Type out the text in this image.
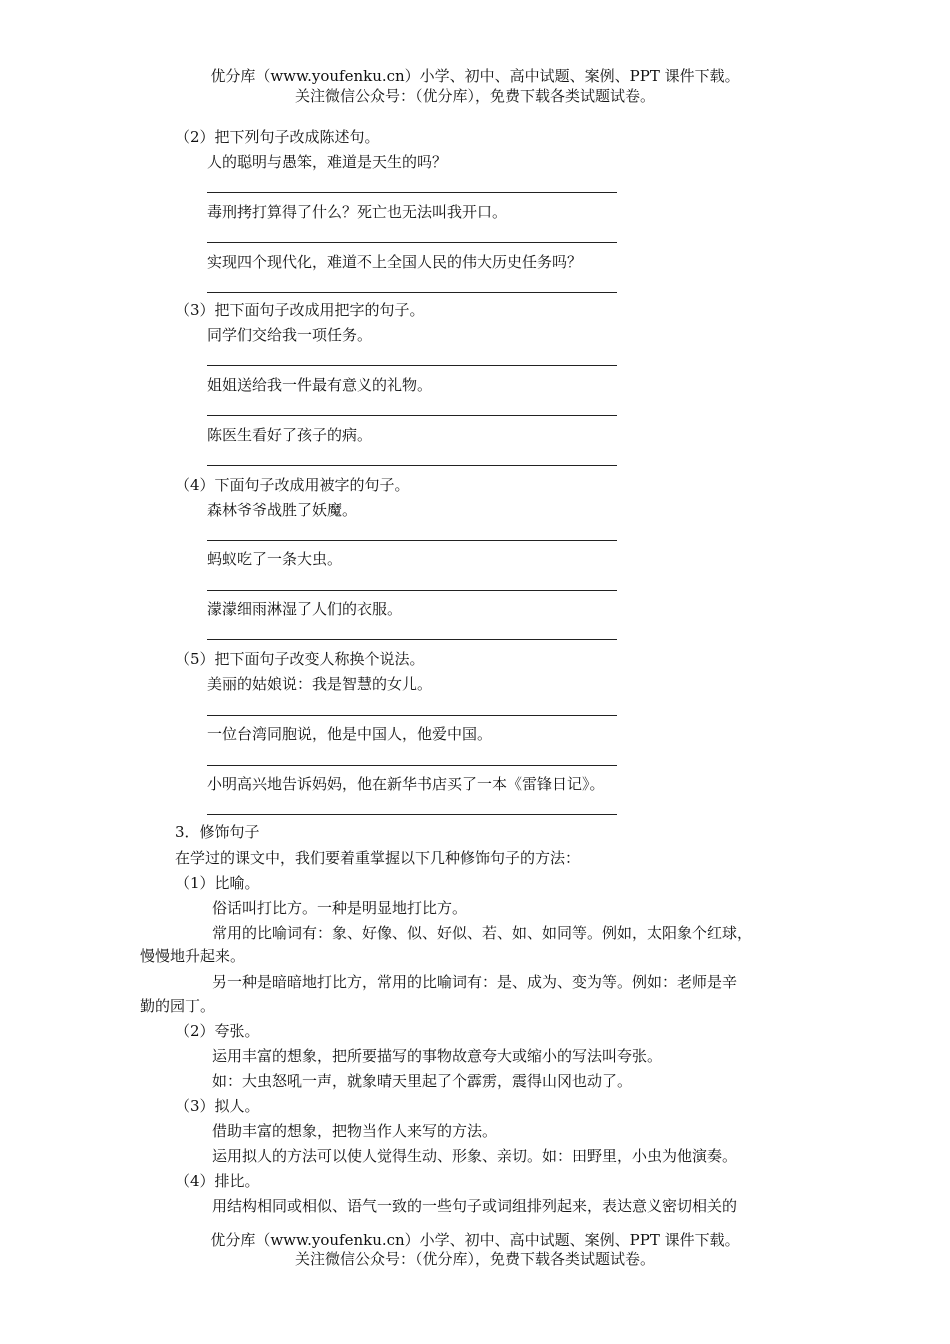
优分库（www.youfenku.cn）小学、初中、高中试题、案例、PPT 课件下载。
关注微信公众号：（优分库），免费下载各类试题试卷。
（2）把下列句子改成陈述句。
人的聪明与愚笨，难道是天生的吗？
毒刑拷打算得了什么？死亡也无法叫我开口。
实现四个现代化，难道不上全国人民的伟大历史任务吗？
（3）把下面句子改成用把字的句子。
同学们交给我一项任务。
姐姐送给我一件最有意义的礼物。
陈医生看好了孩子的病。
（4）下面句子改成用被字的句子。
森林爷爷战胜了妖魔。
蚂蚁吃了一条大虫。
濛濛细雨淋湿了人们的衣服。
（5）把下面句子改变人称换个说法。
美丽的姑娘说：我是智慧的女儿。
一位台湾同胞说，他是中国人，他爱中国。
小明高兴地告诉妈妈，他在新华书店买了一本《雷锋日记》。
3．修饰句子
在学过的课文中，我们要着重掌握以下几种修饰句子的方法：
（1）比喻。
俗话叫打比方。一种是明显地打比方。
常用的比喻词有：象、好像、似、好似、若、如、如同等。例如，太阳象个红球，
慢慢地升起来。
另一种是暗暗地打比方，常用的比喻词有：是、成为、变为等。例如：老师是辛
勤的园丁。
（2）夸张。
运用丰富的想象，把所要描写的事物故意夸大或缩小的写法叫夸张。
如：大虫怒吼一声，就象晴天里起了个霹雳，震得山冈也动了。
（3）拟人。
借助丰富的想象，把物当作人来写的方法。
运用拟人的方法可以使人觉得生动、形象、亲切。如：田野里，小虫为他演奏。
（4）排比。
用结构相同或相似、语气一致的一些句子或词组排列起来，表达意义密切相关的
优分库（www.youfenku.cn）小学、初中、高中试题、案例、PPT 课件下载。
关注微信公众号：（优分库），免费下载各类试题试卷。
